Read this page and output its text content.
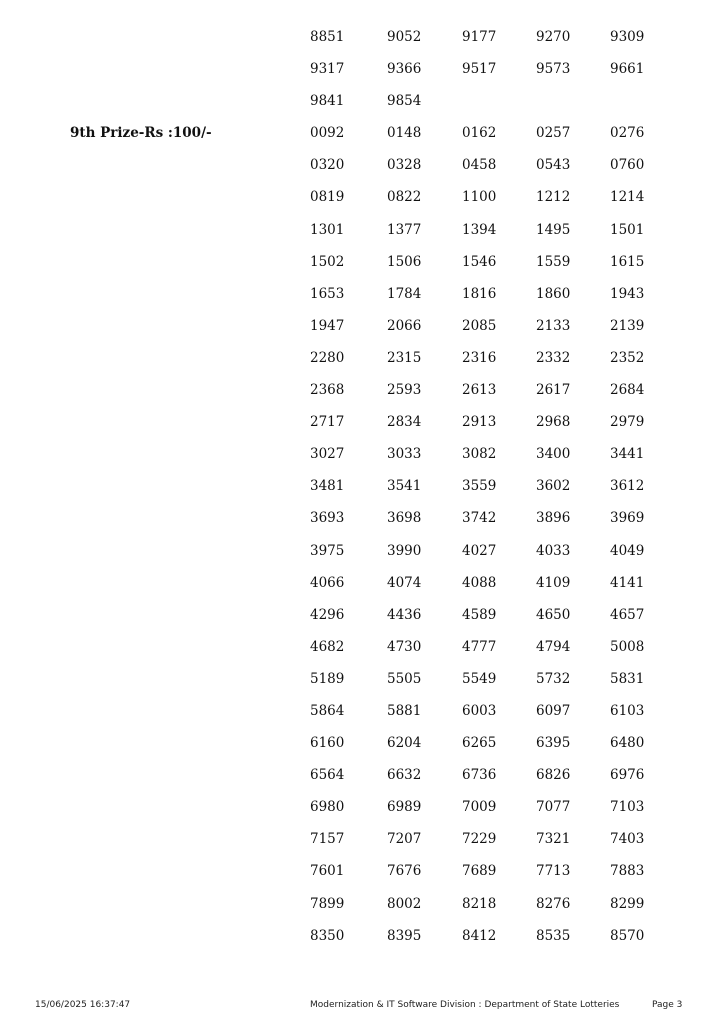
8851	9052	9177	9270	9309
9317	9366	9517	9573	9661
9841	9854
9th Prize-Rs :100/-	0092	0148	0162	0257	0276
0320	0328	0458	0543	0760
0819	0822	1100	1212	1214
1301	1377	1394	1495	1501
1502	1506	1546	1559	1615
1653	1784	1816	1860	1943
1947	2066	2085	2133	2139
2280	2315	2316	2332	2352
2368	2593	2613	2617	2684
2717	2834	2913	2968	2979
3027	3033	3082	3400	3441
3481	3541	3559	3602	3612
3693	3698	3742	3896	3969
3975	3990	4027	4033	4049
4066	4074	4088	4109	4141
4296	4436	4589	4650	4657
4682	4730	4777	4794	5008
5189	5505	5549	5732	5831
5864	5881	6003	6097	6103
6160	6204	6265	6395	6480
6564	6632	6736	6826	6976
6980	6989	7009	7077	7103
7157	7207	7229	7321	7403
7601	7676	7689	7713	7883
7899	8002	8218	8276	8299
8350	8395	8412	8535	8570
15/06/2025 16:37:47	Modernization & IT Software Division : Department of State Lotteries	Page 3
